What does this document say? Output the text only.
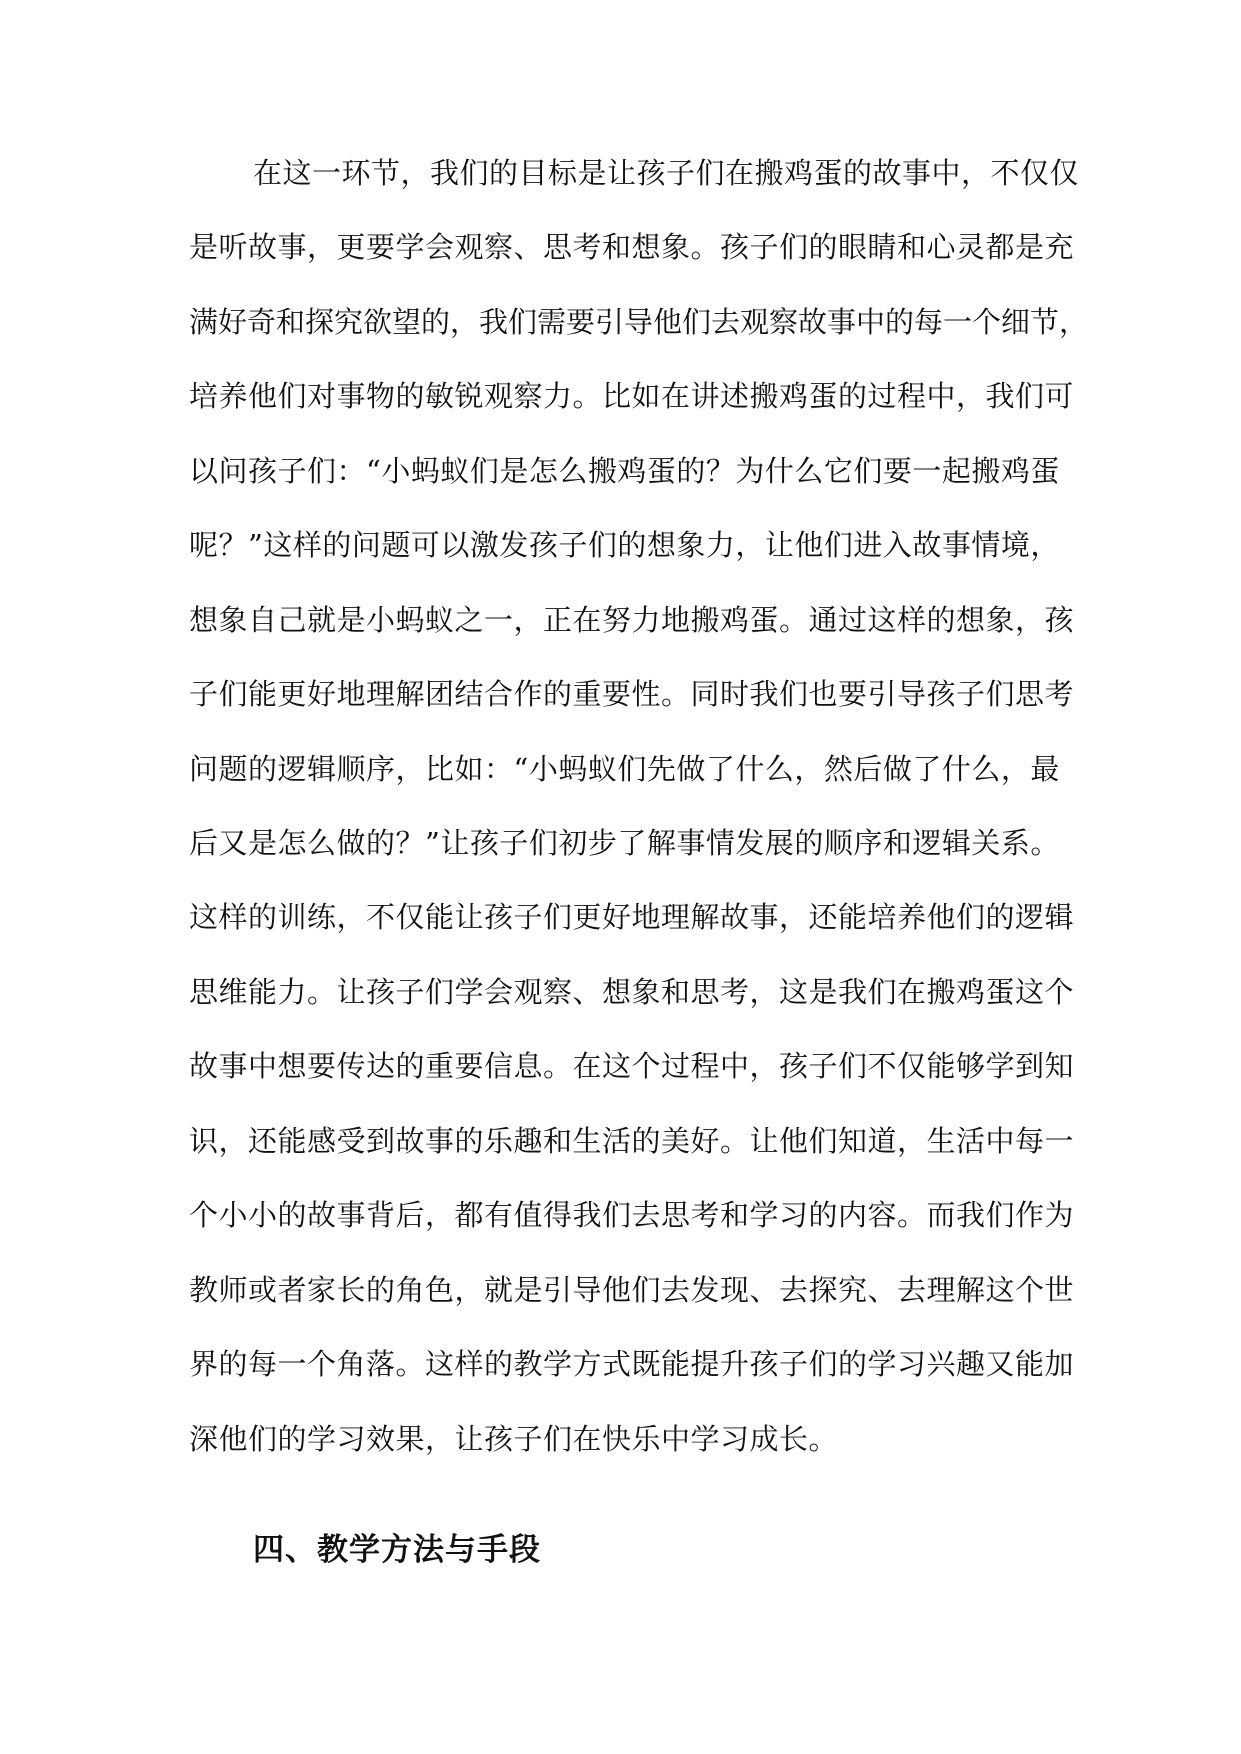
在这一环节，我们的目标是让孩子们在搬鸡蛋的故事中，不仅仅
是听故事，更要学会观察、思考和想象。孩子们的眼睛和心灵都是充
满好奇和探究欲望的，我们需要引导他们去观察故事中的每一个细节，
培养他们对事物的敏锐观察力。比如在讲述搬鸡蛋的过程中，我们可
以问孩子们：“小蚂蚁们是怎么搬鸡蛋的？为什么它们要一起搬鸡蛋
呢？”这样的问题可以激发孩子们的想象力，让他们进入故事情境，
想象自己就是小蚂蚁之一，正在努力地搬鸡蛋。通过这样的想象，孩
子们能更好地理解团结合作的重要性。同时我们也要引导孩子们思考
问题的逻辑顺序，比如：“小蚂蚁们先做了什么，然后做了什么，最
后又是怎么做的？”让孩子们初步了解事情发展的顺序和逻辑关系。
这样的训练，不仅能让孩子们更好地理解故事，还能培养他们的逻辑
思维能力。让孩子们学会观察、想象和思考，这是我们在搬鸡蛋这个
故事中想要传达的重要信息。在这个过程中，孩子们不仅能够学到知
识，还能感受到故事的乐趣和生活的美好。让他们知道，生活中每一
个小小的故事背后，都有值得我们去思考和学习的内容。而我们作为
教师或者家长的角色，就是引导他们去发现、去探究、去理解这个世
界的每一个角落。这样的教学方式既能提升孩子们的学习兴趣又能加
深他们的学习效果，让孩子们在快乐中学习成长。
四、教学方法与手段
